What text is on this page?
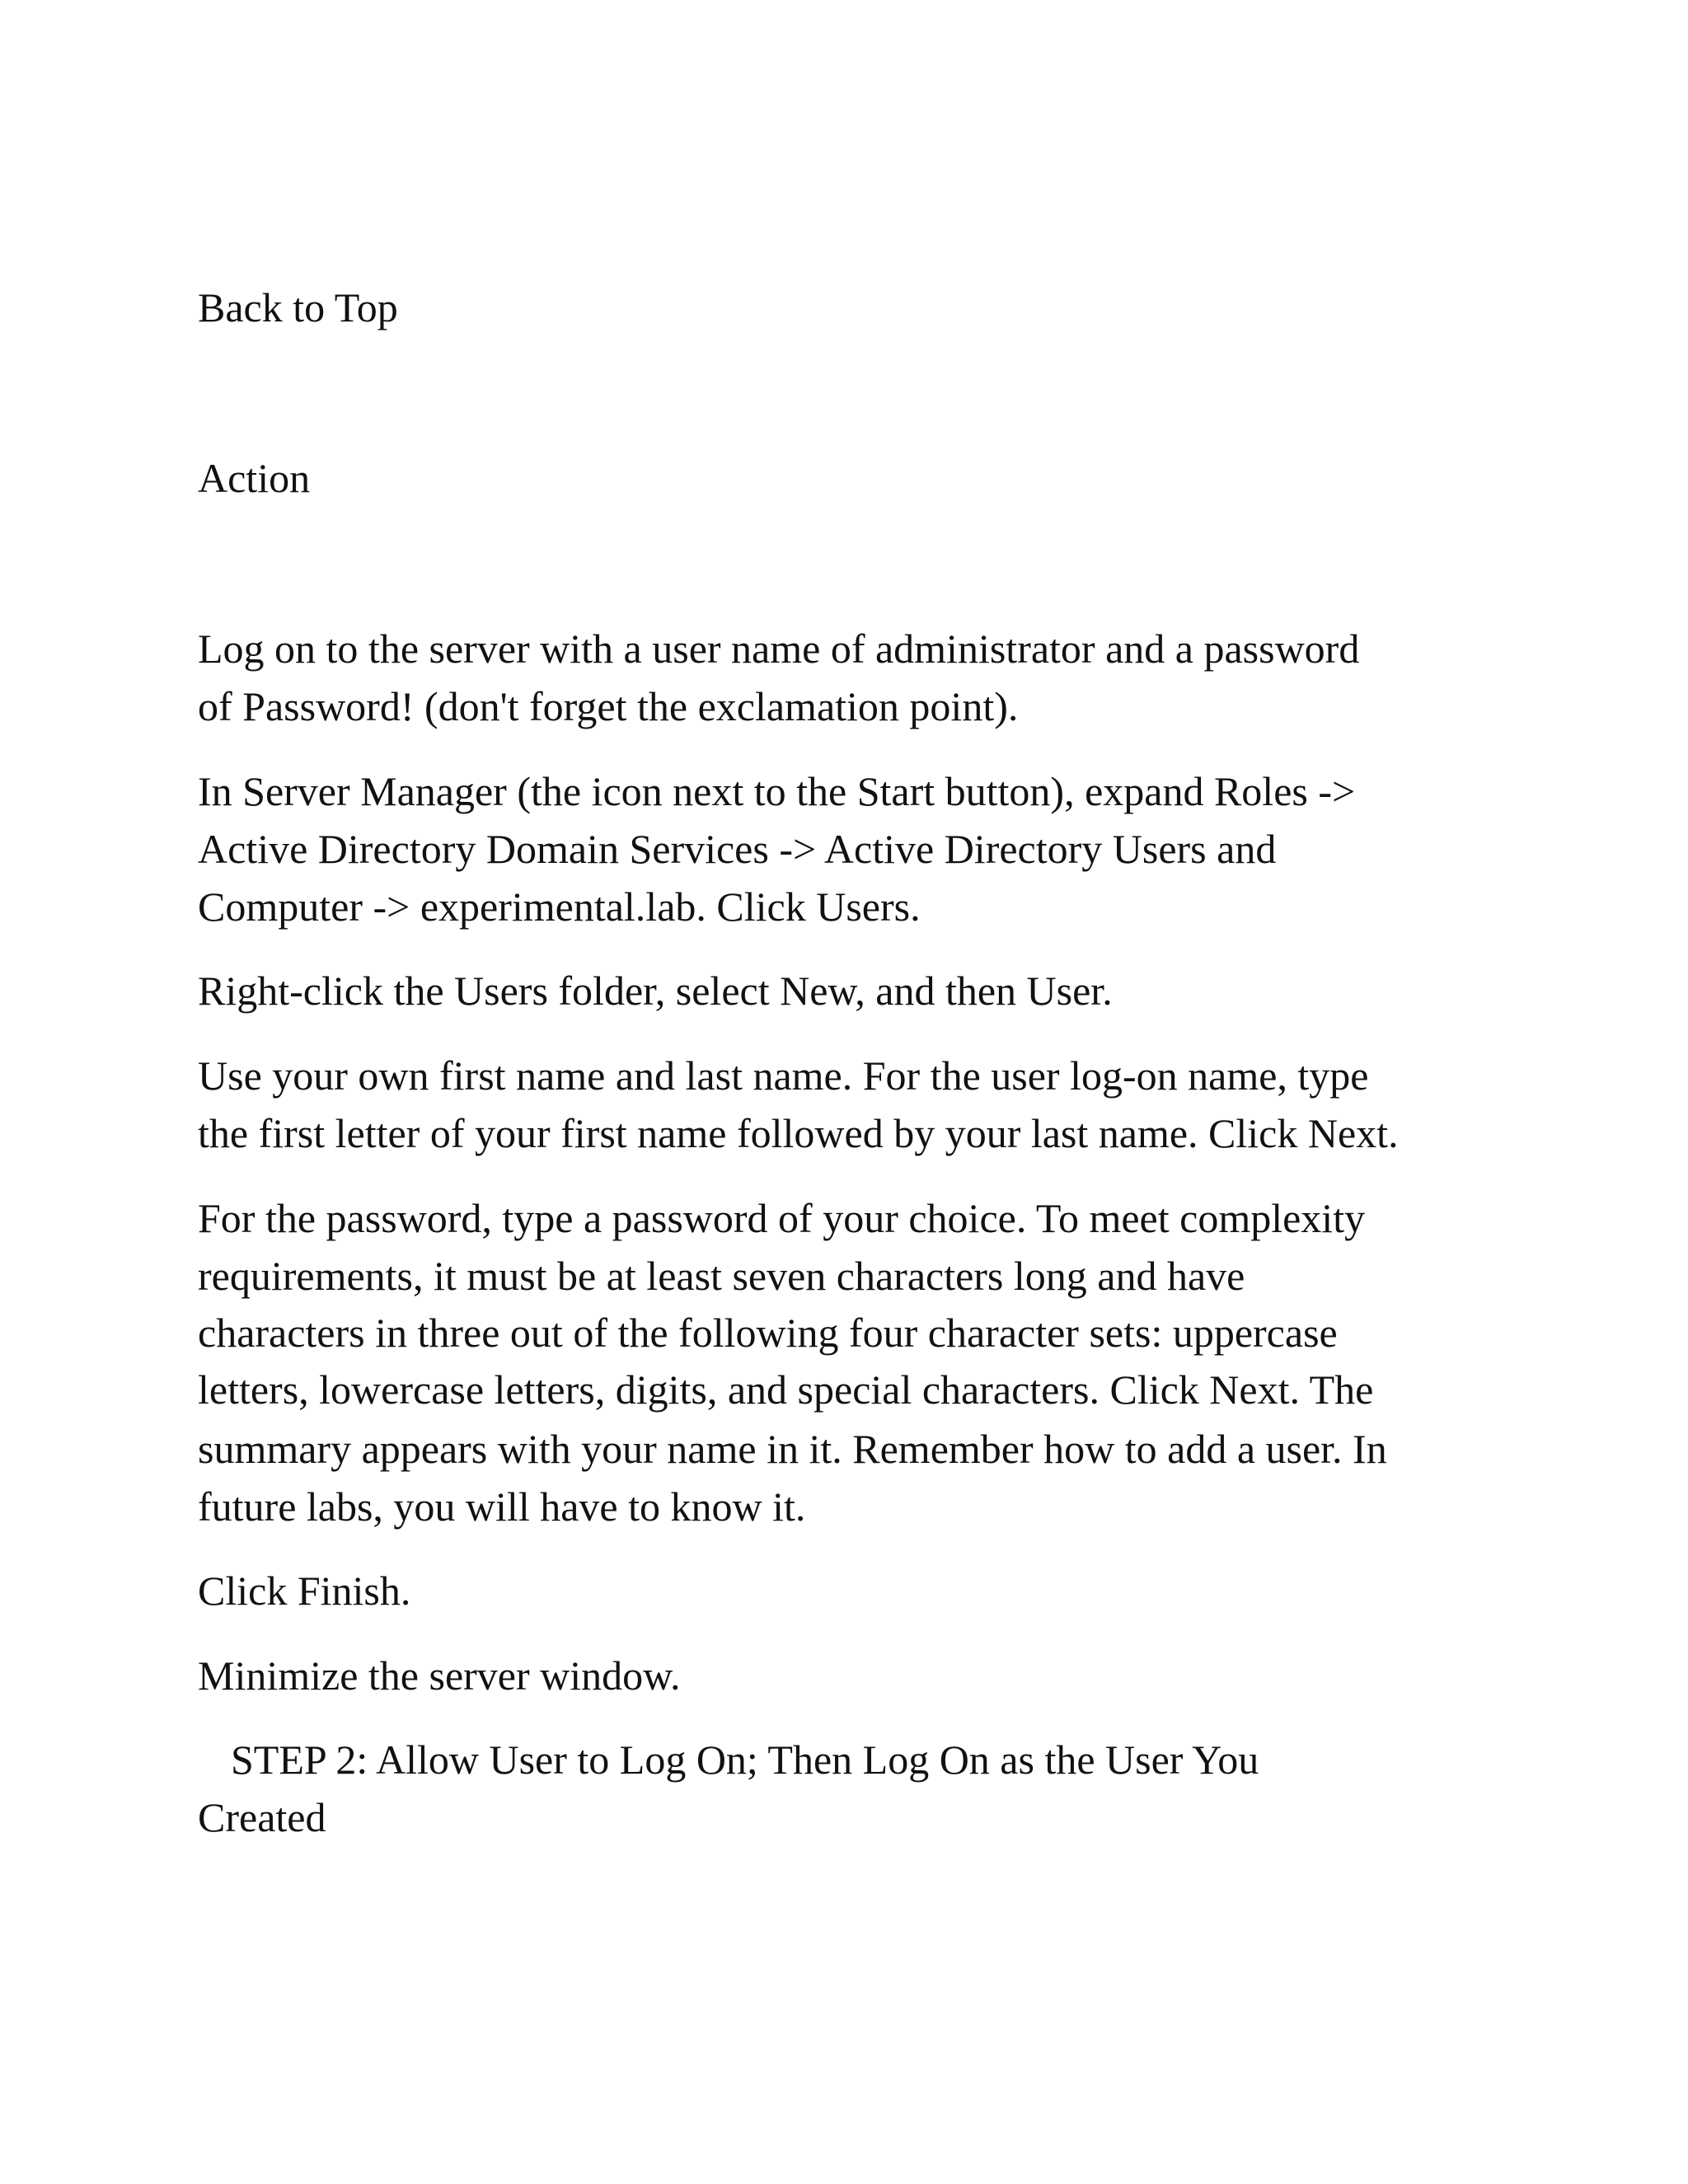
Back to Top

Action

Log on to the server with a user name of administrator and a password

of Password! (don't forget the exclamation point).

In Server Manager (the icon next to the Start button), expand Roles ->

Active Directory Domain Services -> Active Directory Users and

Computer -> experimental.lab. Click Users.

Right-click the Users folder, select New, and then User.

Use your own first name and last name. For the user log-on name, type

the first letter of your first name followed by your last name. Click Next.

For the password, type a password of your choice. To meet complexity

requirements, it must be at least seven characters long and have

characters in three out of the following four character sets: uppercase

letters, lowercase letters, digits, and special characters. Click Next. The

summary appears with your name in it. Remember how to add a user. In

future labs, you will have to know it.

Click Finish.

Minimize the server window.

STEP 2: Allow User to Log On; Then Log On as the User You

Created
